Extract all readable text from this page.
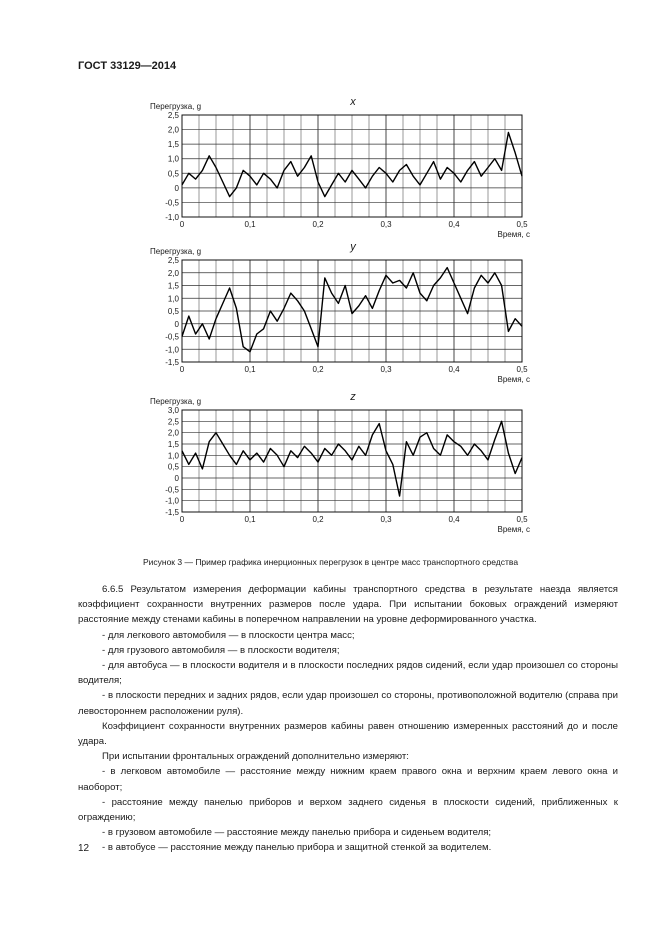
ГОСТ 33129—2014
x
Перегрузка, g
2,5
2,0
1,5
1,0
0,5
0
-0,5
-1,0
0	0,1	0,2	0,3	0,4	0,5
Время, с
y
Перегрузка, g
2,5
2,0
1,5
1,0
0,5
0
-0,5
-1,0
-1,5
0	0,1	0,2	0,3	0,4	0,5
Время, с
z
Перегрузка, g
3,0
2,5
2,0
1,5
1,0
0,5
0
-0,5
-1,0
-1,5
0	0,1	0,2	0,3	0,4	0,5
Время, с
Рисунок 3 — Пример графика инерционных перегрузок в центре масс транспортного средства

6.6.5 Результатом измерения деформации кабины транспортного средства в результате наезда является коэффициент сохранности внутренних размеров после удара. При испытании боковых ограждений измеряют расстояние между стенами кабины в поперечном направлении на уровне деформированного участка.

- для легкового автомобиля — в плоскости центра масс;

- для грузового автомобиля — в плоскости водителя;

- для автобуса — в плоскости водителя и в плоскости последних рядов сидений, если удар произошел со стороны водителя;

- в плоскости передних и задних рядов, если удар произошел со стороны, противоположной водителю (справа при левостороннем расположении руля).

Коэффициент сохранности внутренних размеров кабины равен отношению измеренных расстояний до и после удара.

При испытании фронтальных ограждений дополнительно измеряют:

- в легковом автомобиле — расстояние между нижним краем правого окна и верхним краем левого окна и наоборот;

- расстояние между панелью приборов и верхом заднего сиденья в плоскости сидений, приближенных к ограждению;

- в грузовом автомобиле — расстояние между панелью прибора и сиденьем водителя;

- в автобусе — расстояние между панелью прибора и защитной стенкой за водителем.

12
